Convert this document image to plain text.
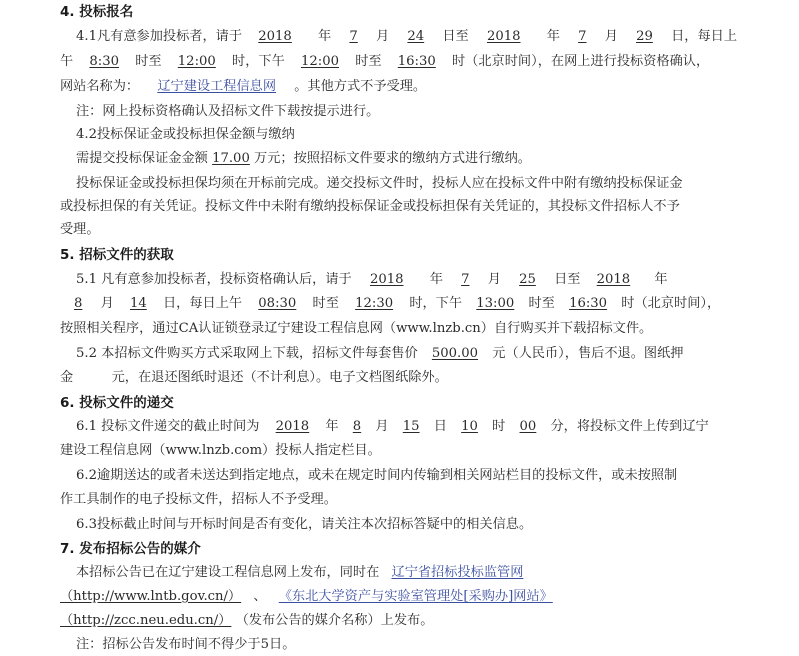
4. 投标报名
4.1凡有意参加投标者，请于 2018 年 7 月 24 日至 2018 年 7 月 29 日，每日上
午 8:30 时至 12:00 时，下午 12:00 时至 16:30 时（北京时间），在网上进行投标资格确认，
网站名称为： 辽宁建设工程信息网 。其他方式不予受理。
注：网上投标资格确认及招标文件下载按提示进行。
4.2投标保证金或投标担保金额与缴纳
需提交投标保证金金额 17.00 万元；按照招标文件要求的缴纳方式进行缴纳。
投标保证金或投标担保均须在开标前完成。递交投标文件时，投标人应在投标文件中附有缴纳投标保证金
或投标担保的有关凭证。投标文件中未附有缴纳投标保证金或投标担保有关凭证的，其投标文件招标人不予
受理。
5. 招标文件的获取
5.1 凡有意参加投标者，投标资格确认后，请于 2018 年 7 月 25 日至 2018 年
8 月 14 日，每日上午 08:30 时至 12:30 时，下午 13:00 时至 16:30 时（北京时间），
按照相关程序，通过CA认证锁登录辽宁建设工程信息网（www.lnzb.cn）自行购买并下载招标文件。
5.2 本招标文件购买方式采取网上下载，招标文件每套售价 500.00 元（人民币），售后不退。图纸押
金	元，在退还图纸时退还（不计利息）。电子文档图纸除外。
6. 投标文件的递交
6.1 投标文件递交的截止时间为 2018 年 8 月 15 日 10 时 00 分，将投标文件上传到辽宁
建设工程信息网（www.lnzb.com）投标人指定栏目。
6.2逾期送达的或者未送达到指定地点，或未在规定时间内传输到相关网站栏目的投标文件，或未按照制
作工具制作的电子投标文件，招标人不予受理。
6.3投标截止时间与开标时间是否有变化，请关注本次招标答疑中的相关信息。
7. 发布招标公告的媒介
本招标公告已在辽宁建设工程信息网上发布，同时在 辽宁省招标投标监管网
（http://www.lntb.gov.cn/） 、 《东北大学资产与实验室管理处[采购办]网站》
（http://zcc.neu.edu.cn/） （发布公告的媒介名称）上发布。
注：招标公告发布时间不得少于5日。
